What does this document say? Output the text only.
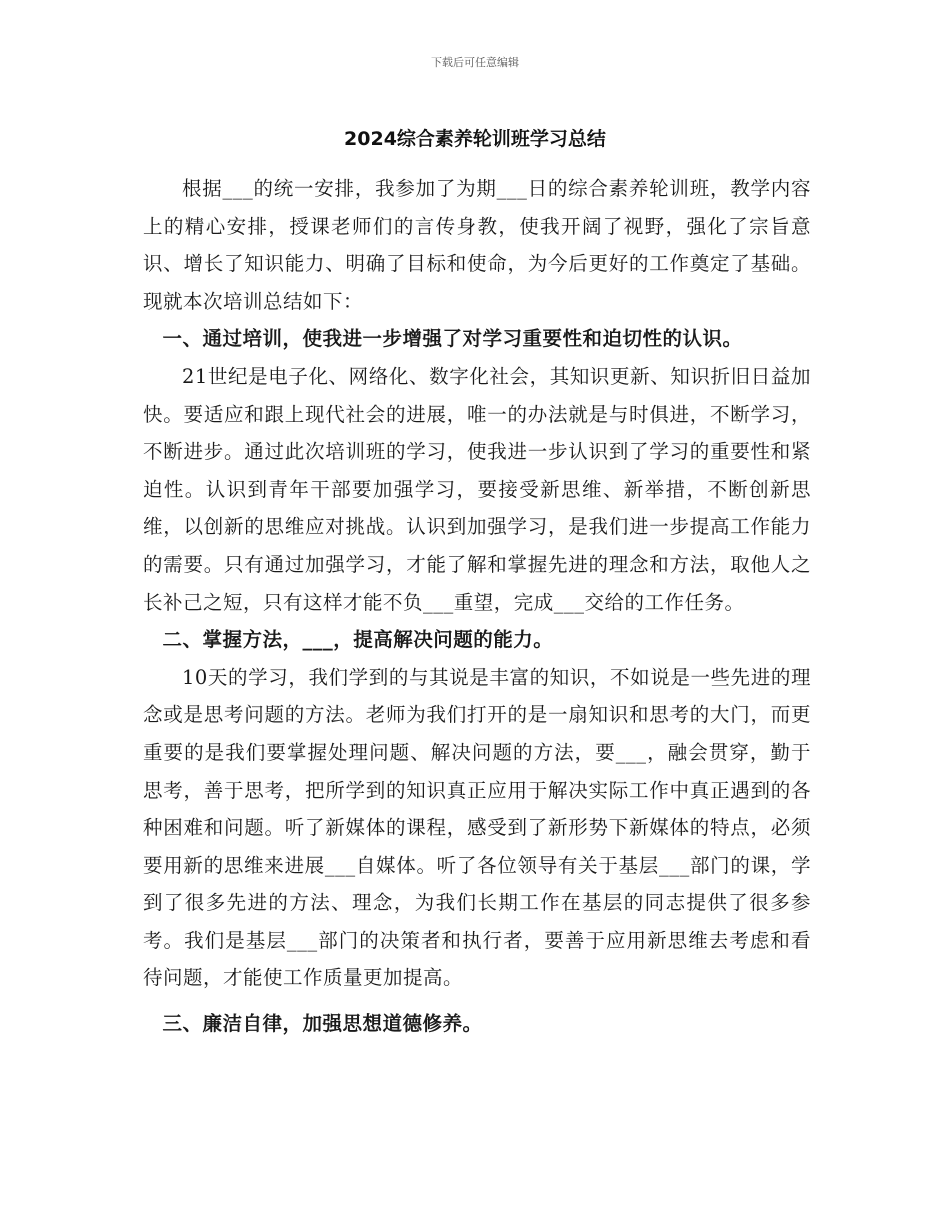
下载后可任意编辑
2024综合素养轮训班学习总结

根据___的统一安排，我参加了为期___日的综合素养轮训班，教学内容上的精心安排，授课老师们的言传身教，使我开阔了视野，强化了宗旨意识、增长了知识能力、明确了目标和使命，为今后更好的工作奠定了基础。现就本次培训总结如下：

一、通过培训，使我进一步增强了对学习重要性和迫切性的认识。

21世纪是电子化、网络化、数字化社会，其知识更新、知识折旧日益加快。要适应和跟上现代社会的进展，唯一的办法就是与时俱进，不断学习，不断进步。通过此次培训班的学习，使我进一步认识到了学习的重要性和紧迫性。认识到青年干部要加强学习，要接受新思维、新举措，不断创新思维，以创新的思维应对挑战。认识到加强学习，是我们进一步提高工作能力的需要。只有通过加强学习，才能了解和掌握先进的理念和方法，取他人之长补己之短，只有这样才能不负___重望，完成___交给的工作任务。

二、掌握方法，___，提高解决问题的能力。

10天的学习，我们学到的与其说是丰富的知识，不如说是一些先进的理念或是思考问题的方法。老师为我们打开的是一扇知识和思考的大门，而更重要的是我们要掌握处理问题、解决问题的方法，要___，融会贯穿，勤于思考，善于思考，把所学到的知识真正应用于解决实际工作中真正遇到的各种困难和问题。听了新媒体的课程，感受到了新形势下新媒体的特点，必须要用新的思维来进展___自媒体。听了各位领导有关于基层___部门的课，学到了很多先进的方法、理念，为我们长期工作在基层的同志提供了很多参考。我们是基层___部门的决策者和执行者，要善于应用新思维去考虑和看待问题，才能使工作质量更加提高。

三、廉洁自律，加强思想道德修养。
